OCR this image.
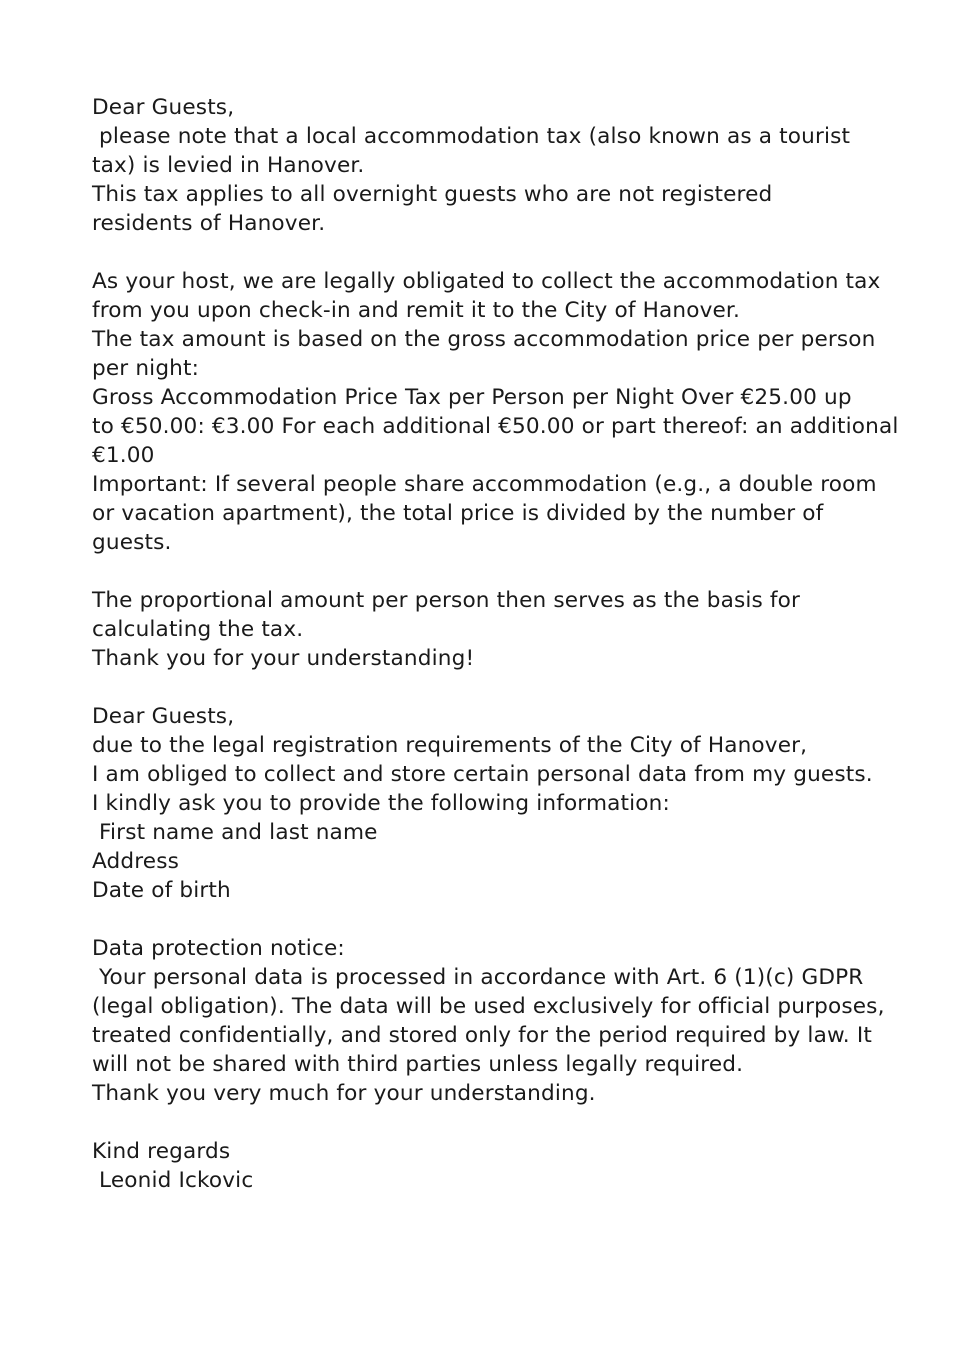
Dear Guests,
please note that a local accommodation tax (also known as a tourist
tax) is levied in Hanover.
This tax applies to all overnight guests who are not registered
residents of Hanover.
As your host, we are legally obligated to collect the accommodation tax
from you upon check-in and remit it to the City of Hanover.
The tax amount is based on the gross accommodation price per person
per night:
Gross Accommodation Price Tax per Person per Night Over €25.00 up
to €50.00: €3.00 For each additional €50.00 or part thereof: an additional
€1.00
Important: If several people share accommodation (e.g., a double room
or vacation apartment), the total price is divided by the number of
guests.
The proportional amount per person then serves as the basis for
calculating the tax.
Thank you for your understanding!
Dear Guests,
due to the legal registration requirements of the City of Hanover,
I am obliged to collect and store certain personal data from my guests.
I kindly ask you to provide the following information:
First name and last name
Address
Date of birth
Data protection notice:
Your personal data is processed in accordance with Art. 6 (1)(c) GDPR
(legal obligation). The data will be used exclusively for official purposes,
treated confidentially, and stored only for the period required by law. It
will not be shared with third parties unless legally required.
Thank you very much for your understanding.
Kind regards
Leonid Ickovic
